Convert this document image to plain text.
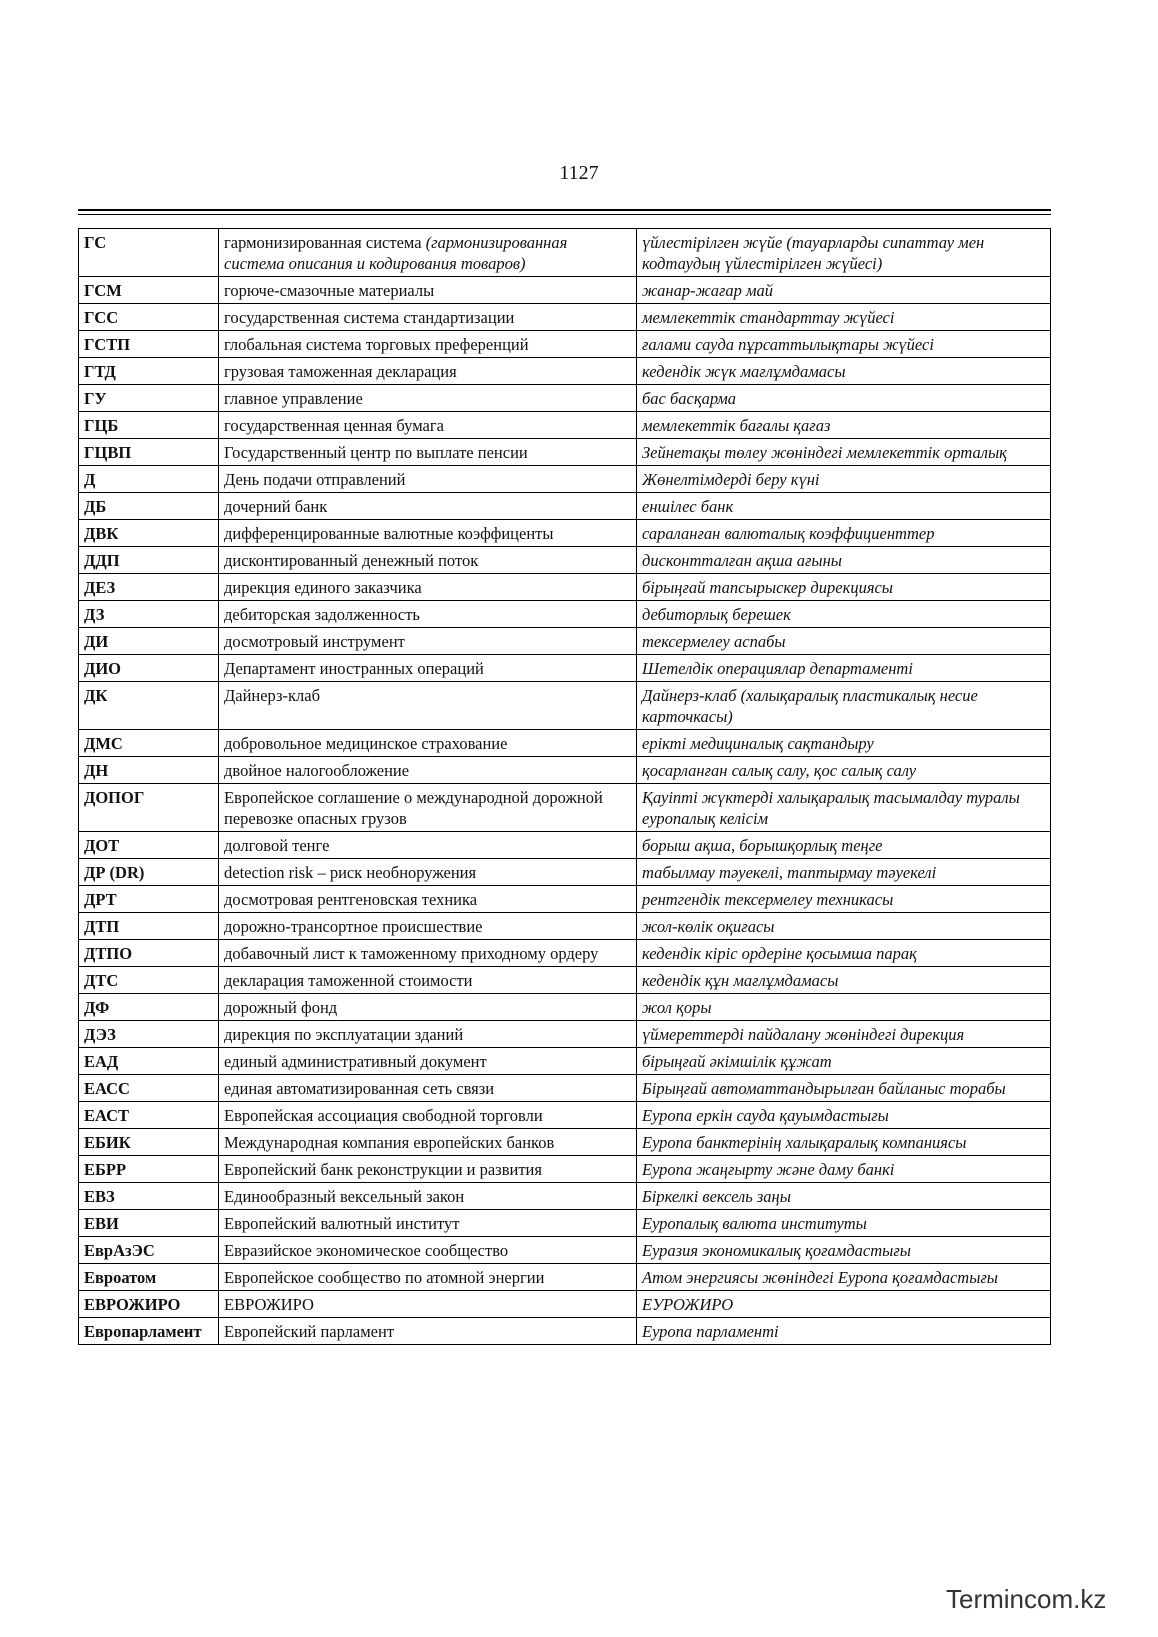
1127
ГС	гармонизированная система (гармонизированная система описания и кодирования товаров)	үйлестірілген жүйе (тауарларды сипаттау мен кодтаудың үйлестірілген жүйесі)
ГСМ	горюче-смазочные материалы	жанар-жағар май
ГСС	государственная система стандартизации	мемлекеттік стандарттау жүйесі
ГСТП	глобальная система торговых преференций	ғалами сауда пұрсаттылықтары жүйесі
ГТД	грузовая таможенная декларация	кедендік жүк мағлұмдамасы
ГУ	главное управление	бас басқарма
ГЦБ	государственная ценная бумага	мемлекеттік бағалы қағаз
ГЦВП	Государственный центр по выплате пенсии	Зейнетақы төлеу жөніндегі мемлекеттік орталық
Д	День подачи отправлений	Жөнелтімдерді беру күні
ДБ	дочерний банк	еншілес банк
ДВК	дифференцированные валютные коэффиценты	сараланған валюталық коэффициенттер
ДДП	дисконтированный денежный поток	дисконтталған ақша ағыны
ДЕЗ	дирекция единого заказчика	бірыңғай тапсырыскер дирекциясы
ДЗ	дебиторская задолженность	дебиторлық берешек
ДИ	досмотровый инструмент	тексермелеу аспабы
ДИО	Департамент иностранных операций	Шетелдік операциялар департаменті
ДК	Дайнерз-клаб	Дайнерз-клаб (халықаралық пластикалық несие карточкасы)
ДМС	добровольное медицинское страхование	ерікті медициналық сақтандыру
ДН	двойное налогообложение	қосарланған салық салу, қос салық салу
ДОПОГ	Европейское соглашение о международной дорожной перевозке опасных грузов	Қауіпті жүктерді халықаралық тасымалдау туралы еуропалық келісім
ДОТ	долговой тенге	борыш ақша, борышқорлық теңге
ДР (DR)	detection risk – риск необноружения	табылмау тәуекелі, таптырмау тәуекелі
ДРТ	досмотровая рентгеновская техника	рентгендік тексермелеу техникасы
ДТП	дорожно-трансортное происшествие	жол-көлік оқиғасы
ДТПО	добавочный лист к таможенному приходному ордеру	кедендік кіріс ордеріне қосымша парақ
ДТС	декларация таможенной стоимости	кедендік құн мағлұмдамасы
ДФ	дорожный фонд	жол қоры
ДЭЗ	дирекция по эксплуатации зданий	үймереттерді пайдалану жөніндегі дирекция
ЕАД	единый административный документ	бірыңғай әкімшілік құжат
ЕАСС	единая автоматизированная сеть связи	Бірыңғай автоматтандырылған байланыс торабы
ЕАСТ	Европейская ассоциация свободной торговли	Еуропа еркін сауда қауымдастығы
ЕБИК	Международная компания европейских банков	Еуропа банктерінің халықаралық компаниясы
ЕБРР	Европейский банк реконструкции и развития	Еуропа жаңғырту және даму банкі
ЕВЗ	Единообразный вексельный закон	Біркелкі вексель заңы
ЕВИ	Европейский валютный институт	Еуропалық валюта институты
ЕврАзЭС	Евразийское экономическое сообщество	Еуразия экономикалық қоғамдастығы
Евроатом	Европейское сообщество по атомной энергии	Атом энергиясы жөніндегі Еуропа қоғамдастығы
ЕВРОЖИРО	ЕВРОЖИРО	ЕУРОЖИРО
Европарламент	Европейский парламент	Еуропа парламенті
Termincom.kz
